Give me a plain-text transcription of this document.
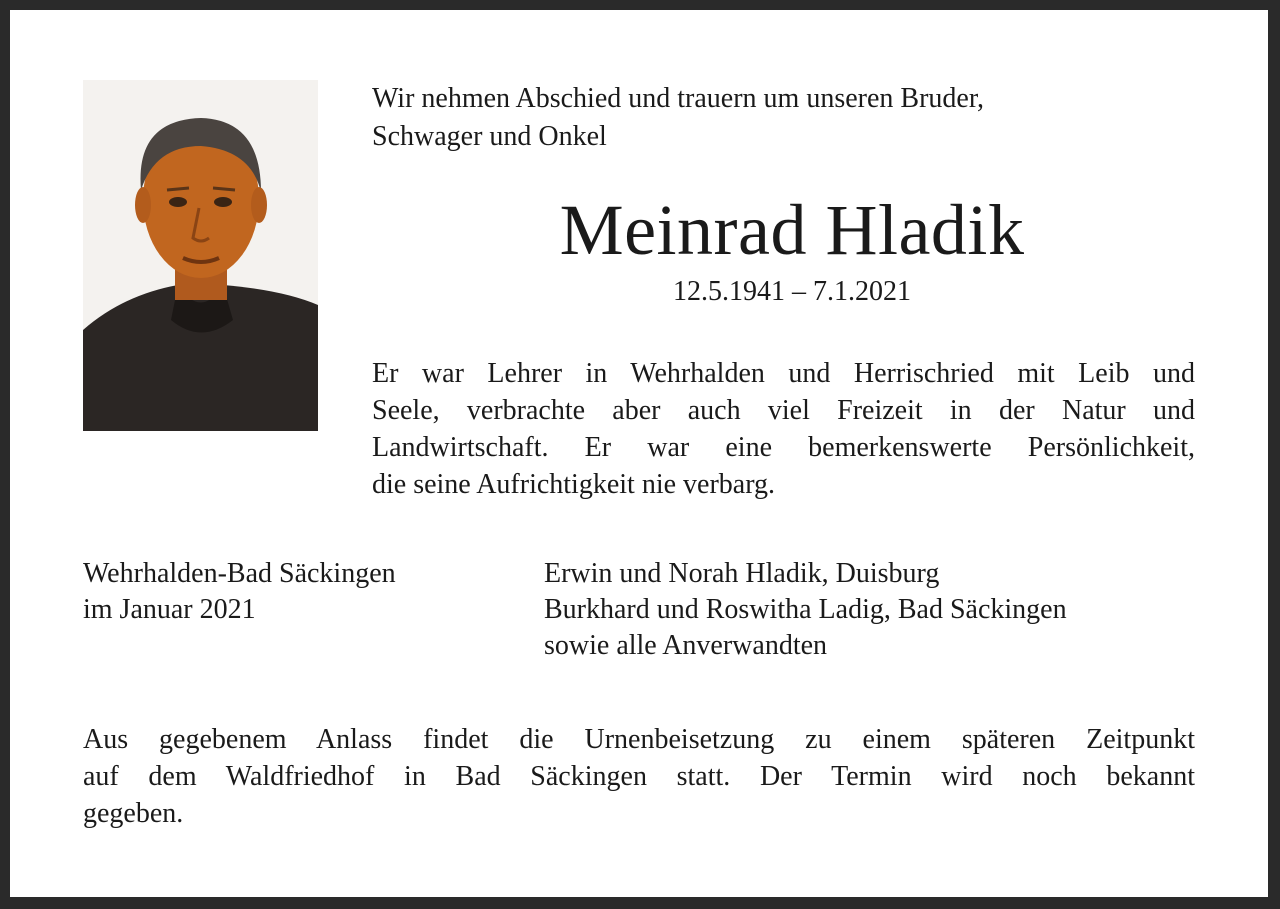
Wir nehmen Abschied und trauern um unseren Bruder,
Schwager und Onkel
Meinrad Hladik
12.5.1941 – 7.1.2021
Er war Lehrer in Wehrhalden und Herrischried mit Leib und
Seele, verbrachte aber auch viel Freizeit in der Natur und
Landwirtschaft. Er war eine bemerkenswerte Persönlichkeit,
die seine Aufrichtigkeit nie verbarg.
Wehrhalden-Bad Säckingen
im Januar 2021
Erwin und Norah Hladik, Duisburg
Burkhard und Roswitha Ladig, Bad Säckingen
sowie alle Anverwandten
Aus gegebenem Anlass findet die Urnenbeisetzung zu einem späteren Zeitpunkt
auf dem Waldfriedhof in Bad Säckingen statt. Der Termin wird noch bekannt
gegeben.
